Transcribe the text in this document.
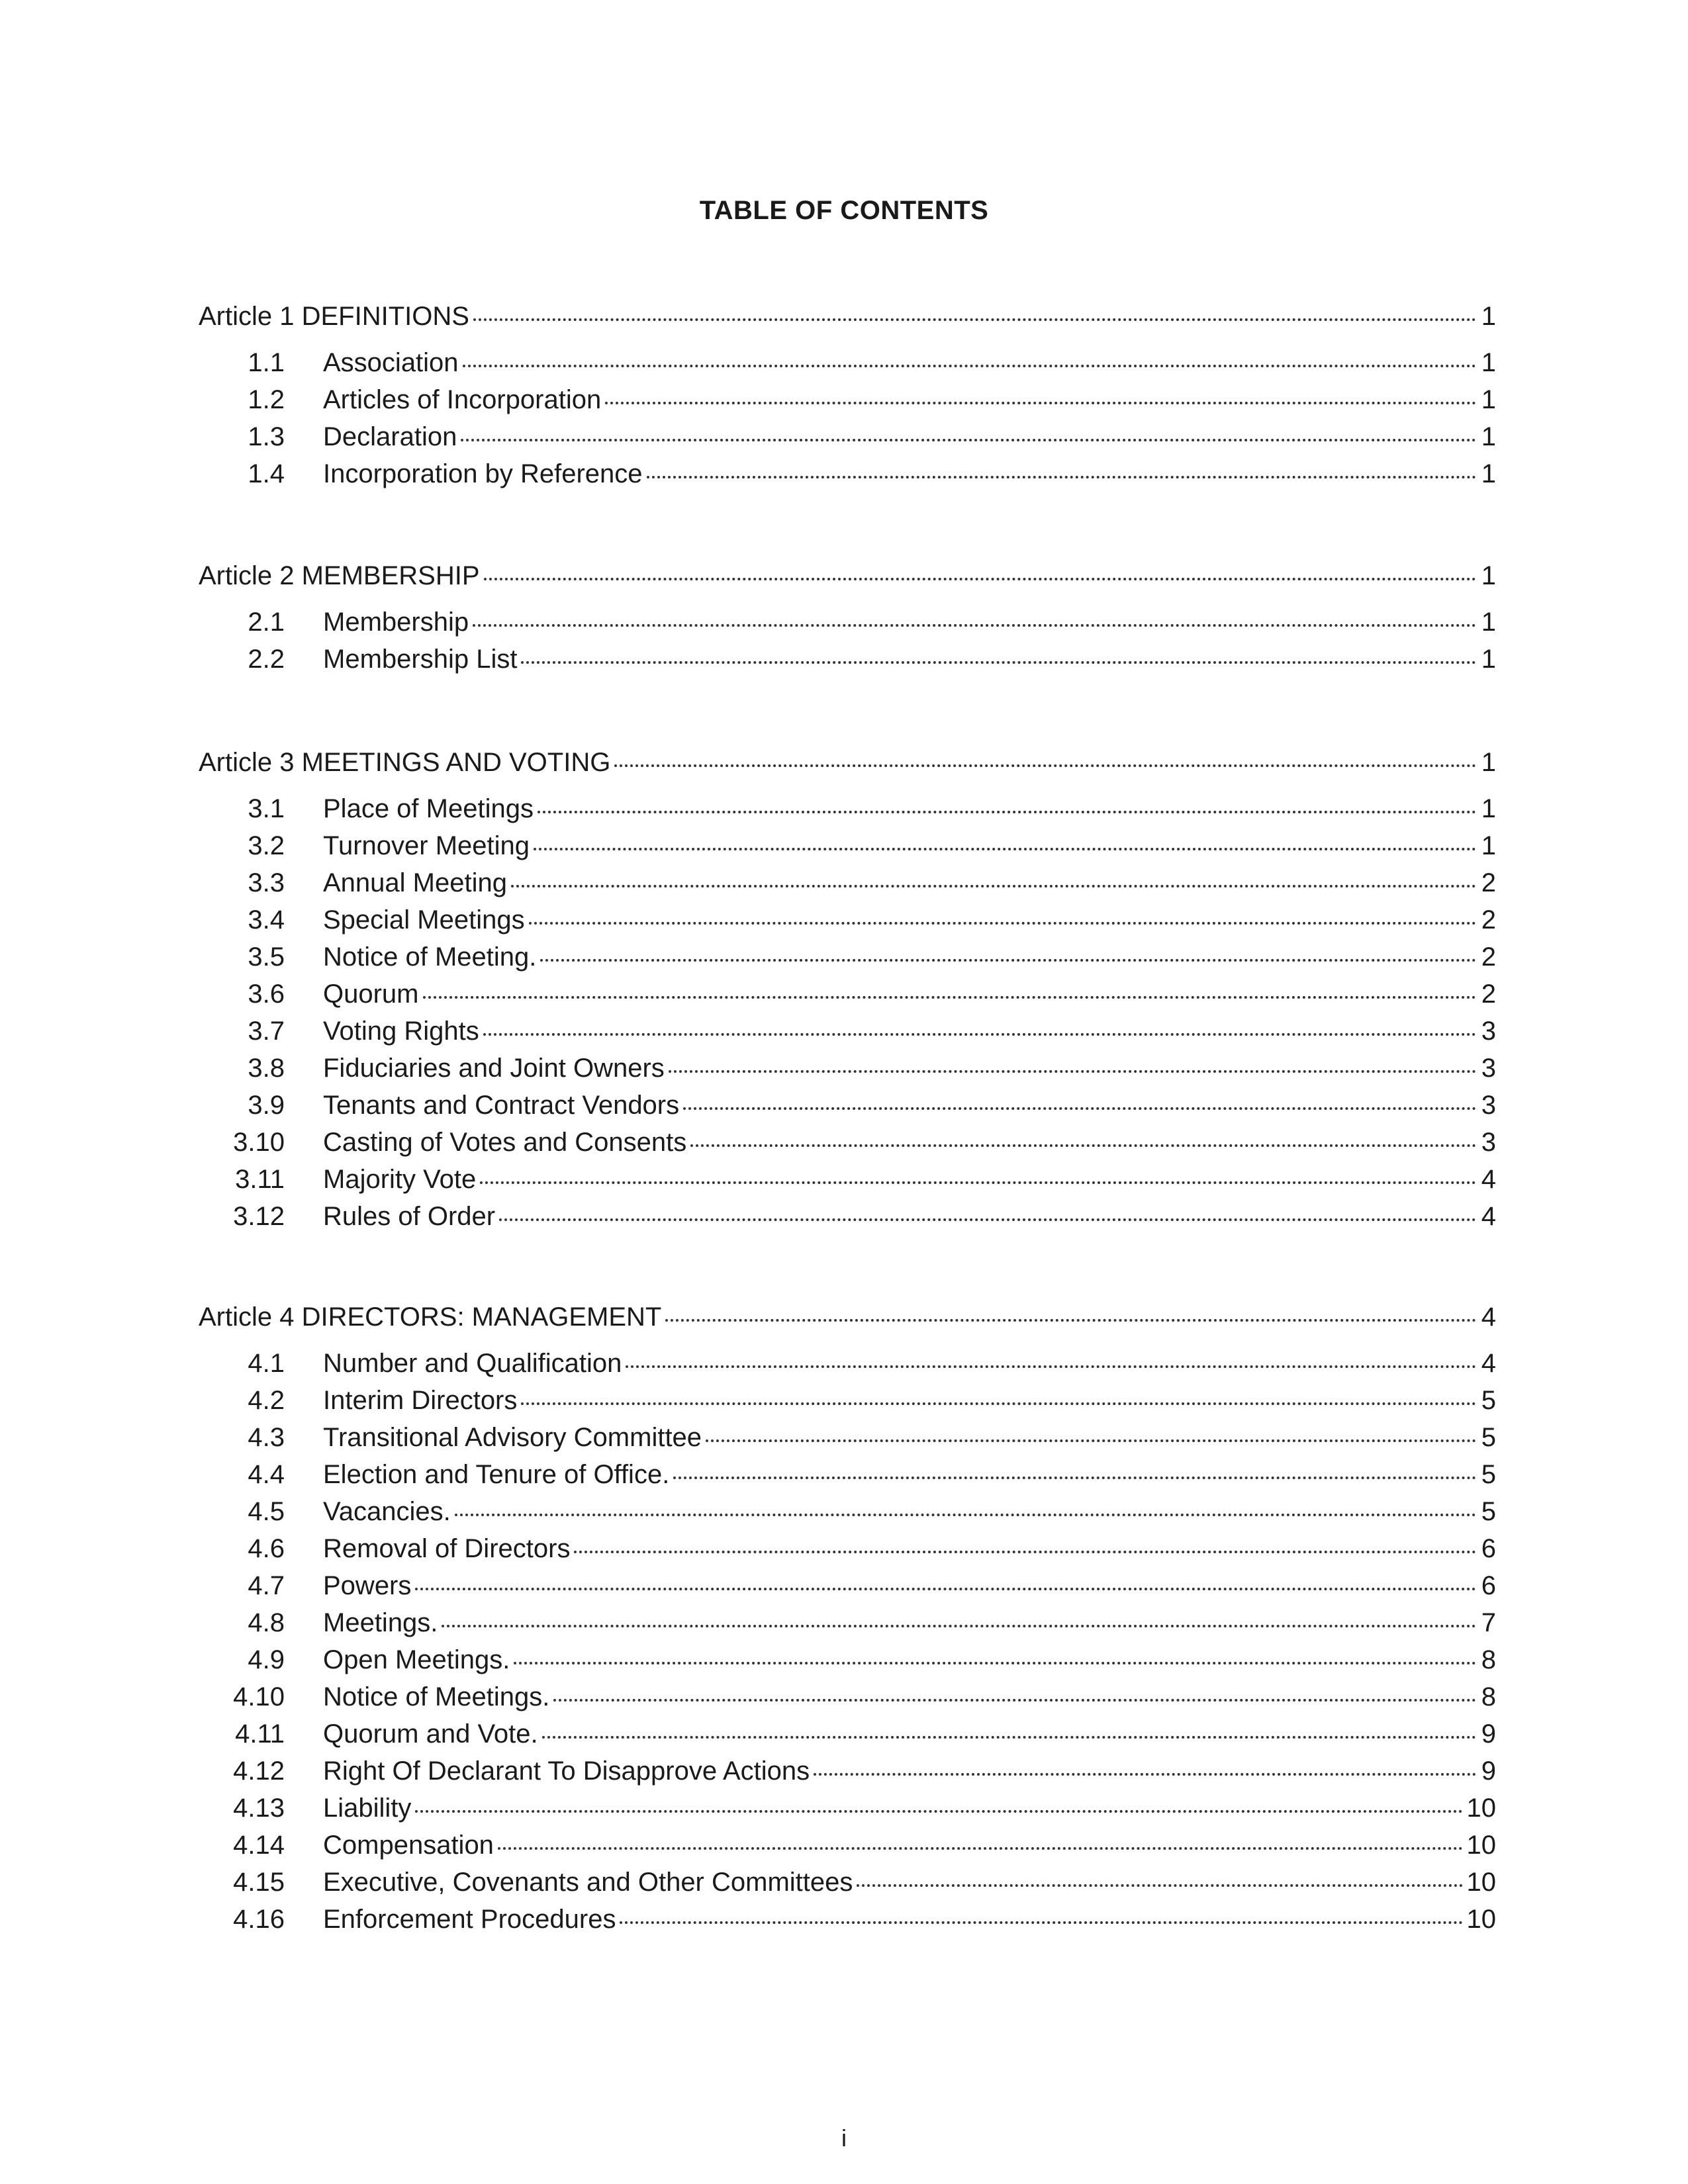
TABLE OF CONTENTS
Article 1 DEFINITIONS	1
1.1 Association	1
1.2 Articles of Incorporation	1
1.3 Declaration	1
1.4 Incorporation by Reference	1
Article 2 MEMBERSHIP	1
2.1 Membership	1
2.2 Membership List	1
Article 3 MEETINGS AND VOTING	1
3.1 Place of Meetings	1
3.2 Turnover Meeting	1
3.3 Annual Meeting	2
3.4 Special Meetings	2
3.5 Notice of Meeting.	2
3.6 Quorum	2
3.7 Voting Rights	3
3.8 Fiduciaries and Joint Owners	3
3.9 Tenants and Contract Vendors	3
3.10 Casting of Votes and Consents	3
3.11 Majority Vote	4
3.12 Rules of Order	4
Article 4 DIRECTORS: MANAGEMENT	4
4.1 Number and Qualification	4
4.2 Interim Directors	5
4.3 Transitional Advisory Committee	5
4.4 Election and Tenure of Office.	5
4.5 Vacancies.	5
4.6 Removal of Directors	6
4.7 Powers	6
4.8 Meetings.	7
4.9 Open Meetings.	8
4.10 Notice of Meetings.	8
4.11 Quorum and Vote.	9
4.12 Right Of Declarant To Disapprove Actions	9
4.13 Liability	10
4.14 Compensation	10
4.15 Executive, Covenants and Other Committees	10
4.16 Enforcement Procedures	10
i
